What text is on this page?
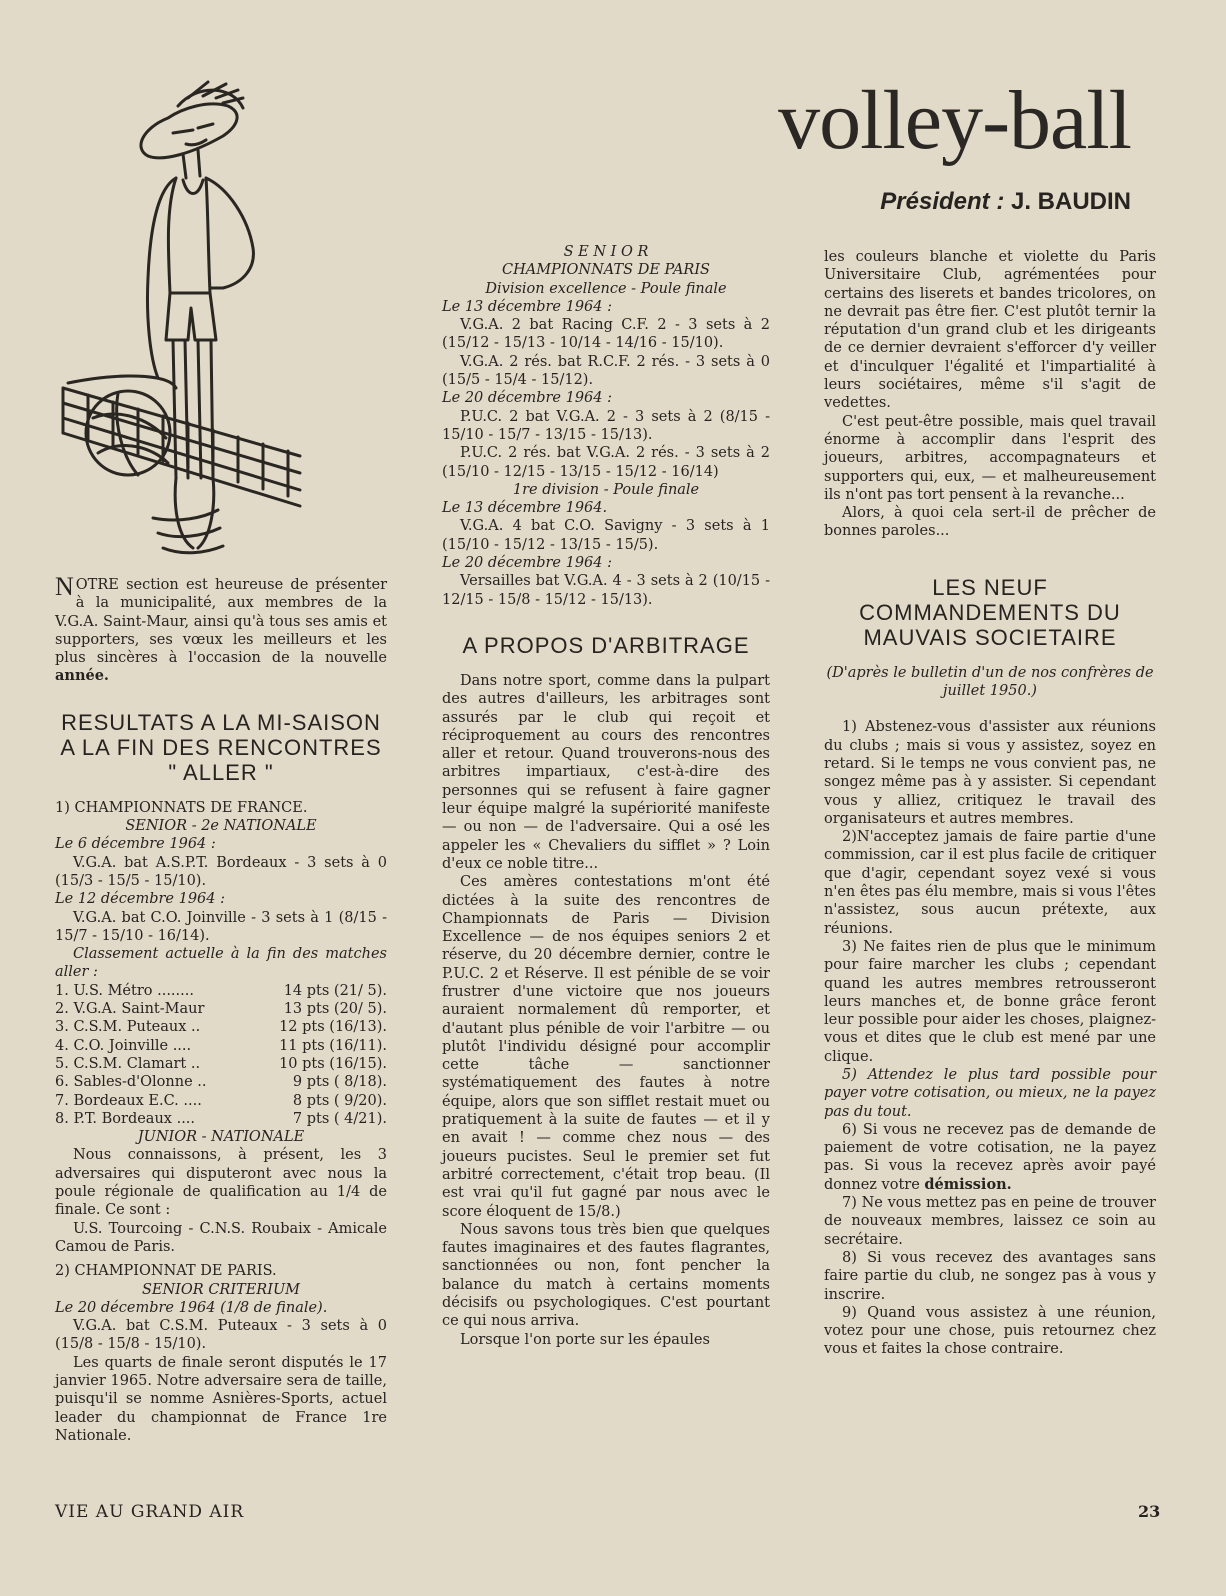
volley-ball
Président : J. BAUDIN

NOTRE section est heureuse de présenter à la municipalité, aux membres de la V.G.A. Saint-Maur, ainsi qu'à tous ses amis et supporters, ses vœux les meilleurs et les plus sincères à l'occasion de la nouvelle année.

RESULTATS A LA MI-SAISON A LA FIN DES RENCONTRES " ALLER "

1) CHAMPIONNATS DE FRANCE.

SENIOR - 2e NATIONALE

Le 6 décembre 1964 :

V.G.A. bat A.S.P.T. Bordeaux - 3 sets à 0 (15/3 - 15/5 - 15/10).

Le 12 décembre 1964 :

V.G.A. bat C.O. Joinville - 3 sets à 1 (8/15 - 15/7 - 15/10 - 16/14).

Classement actuelle à la fin des matches aller :

1. U.S. Métro ........	14 pts (21/ 5).
2. V.G.A. Saint-Maur	13 pts (20/ 5).
3. C.S.M. Puteaux ..	12 pts (16/13).
4. C.O. Joinville ....	11 pts (16/11).
5. C.S.M. Clamart ..	10 pts (16/15).
6. Sables-d'Olonne ..	9 pts ( 8/18).
7. Bordeaux E.C. ....	8 pts ( 9/20).
8. P.T. Bordeaux ....	7 pts ( 4/21).

JUNIOR - NATIONALE

Nous connaissons, à présent, les 3 adversaires qui disputeront avec nous la poule régionale de qualification au 1/4 de finale. Ce sont :

U.S. Tourcoing - C.N.S. Roubaix - Amicale Camou de Paris.

2) CHAMPIONNAT DE PARIS.

SENIOR CRITERIUM

Le 20 décembre 1964 (1/8 de finale).

V.G.A. bat C.S.M. Puteaux - 3 sets à 0 (15/8 - 15/8 - 15/10).

Les quarts de finale seront disputés le 17 janvier 1965. Notre adversaire sera de taille, puisqu'il se nomme Asnières-Sports, actuel leader du championnat de France 1re Nationale.

S E N I O R

CHAMPIONNATS DE PARIS

Division excellence - Poule finale

Le 13 décembre 1964 :

V.G.A. 2 bat Racing C.F. 2 - 3 sets à 2 (15/12 - 15/13 - 10/14 - 14/16 - 15/10).

V.G.A. 2 rés. bat R.C.F. 2 rés. - 3 sets à 0 (15/5 - 15/4 - 15/12).

Le 20 décembre 1964 :

P.U.C. 2 bat V.G.A. 2 - 3 sets à 2 (8/15 - 15/10 - 15/7 - 13/15 - 15/13).

P.U.C. 2 rés. bat V.G.A. 2 rés. - 3 sets à 2 (15/10 - 12/15 - 13/15 - 15/12 - 16/14)

1re division - Poule finale

Le 13 décembre 1964.

V.G.A. 4 bat C.O. Savigny - 3 sets à 1 (15/10 - 15/12 - 13/15 - 15/5).

Le 20 décembre 1964 :

Versailles bat V.G.A. 4 - 3 sets à 2 (10/15 - 12/15 - 15/8 - 15/12 - 15/13).

A PROPOS D'ARBITRAGE

Dans notre sport, comme dans la pulpart des autres d'ailleurs, les arbitrages sont assurés par le club qui reçoit et réciproquement au cours des rencontres aller et retour. Quand trouverons-nous des arbitres impartiaux, c'est-à-dire des personnes qui se refusent à faire gagner leur équipe malgré la supériorité manifeste — ou non — de l'adversaire. Qui a osé les appeler les « Chevaliers du sifflet » ? Loin d'eux ce noble titre...

Ces amères contestations m'ont été dictées à la suite des rencontres de Championnats de Paris — Division Excellence — de nos équipes seniors 2 et réserve, du 20 décembre dernier, contre le P.U.C. 2 et Réserve. Il est pénible de se voir frustrer d'une victoire que nos joueurs auraient normalement dû remporter, et d'autant plus pénible de voir l'arbitre — ou plutôt l'individu désigné pour accomplir cette tâche — sanctionner systématiquement des fautes à notre équipe, alors que son sifflet restait muet ou pratiquement à la suite de fautes — et il y en avait ! — comme chez nous — des joueurs pucistes. Seul le premier set fut arbitré correctement, c'était trop beau. (Il est vrai qu'il fut gagné par nous avec le score éloquent de 15/8.)

Nous savons tous très bien que quelques fautes imaginaires et des fautes flagrantes, sanctionnées ou non, font pencher la balance du match à certains moments décisifs ou psychologiques. C'est pourtant ce qui nous arriva.

Lorsque l'on porte sur les épaules

les couleurs blanche et violette du Paris Universitaire Club, agrémentées pour certains des liserets et bandes tricolores, on ne devrait pas être fier. C'est plutôt ternir la réputation d'un grand club et les dirigeants de ce dernier devraient s'efforcer d'y veiller et d'inculquer l'égalité et l'impartialité à leurs sociétaires, même s'il s'agit de vedettes.

C'est peut-être possible, mais quel travail énorme à accomplir dans l'esprit des joueurs, arbitres, accompagnateurs et supporters qui, eux, — et malheureusement ils n'ont pas tort pensent à la revanche...

Alors, à quoi cela sert-il de prêcher de bonnes paroles...

LES NEUF COMMANDEMENTS DU MAUVAIS SOCIETAIRE

(D'après le bulletin d'un de nos confrères de juillet 1950.)

1) Abstenez-vous d'assister aux réunions du clubs ; mais si vous y assistez, soyez en retard. Si le temps ne vous convient pas, ne songez même pas à y assister. Si cependant vous y alliez, critiquez le travail des organisateurs et autres membres.

2)N'acceptez jamais de faire partie d'une commission, car il est plus facile de critiquer que d'agir, cependant soyez vexé si vous n'en êtes pas élu membre, mais si vous l'êtes n'assistez, sous aucun prétexte, aux réunions.

3) Ne faites rien de plus que le minimum pour faire marcher les clubs ; cependant quand les autres membres retrousseront leurs manches et, de bonne grâce feront leur possible pour aider les choses, plaignez-vous et dites que le club est mené par une clique.

5) Attendez le plus tard possible pour payer votre cotisation, ou mieux, ne la payez pas du tout.

6) Si vous ne recevez pas de demande de paiement de votre cotisation, ne la payez pas. Si vous la recevez après avoir payé donnez votre démission.

7) Ne vous mettez pas en peine de trouver de nouveaux membres, laissez ce soin au secrétaire.

8) Si vous recevez des avantages sans faire partie du club, ne songez pas à vous y inscrire.

9) Quand vous assistez à une réunion, votez pour une chose, puis retournez chez vous et faites la chose contraire.

VIE AU GRAND AIR	23
